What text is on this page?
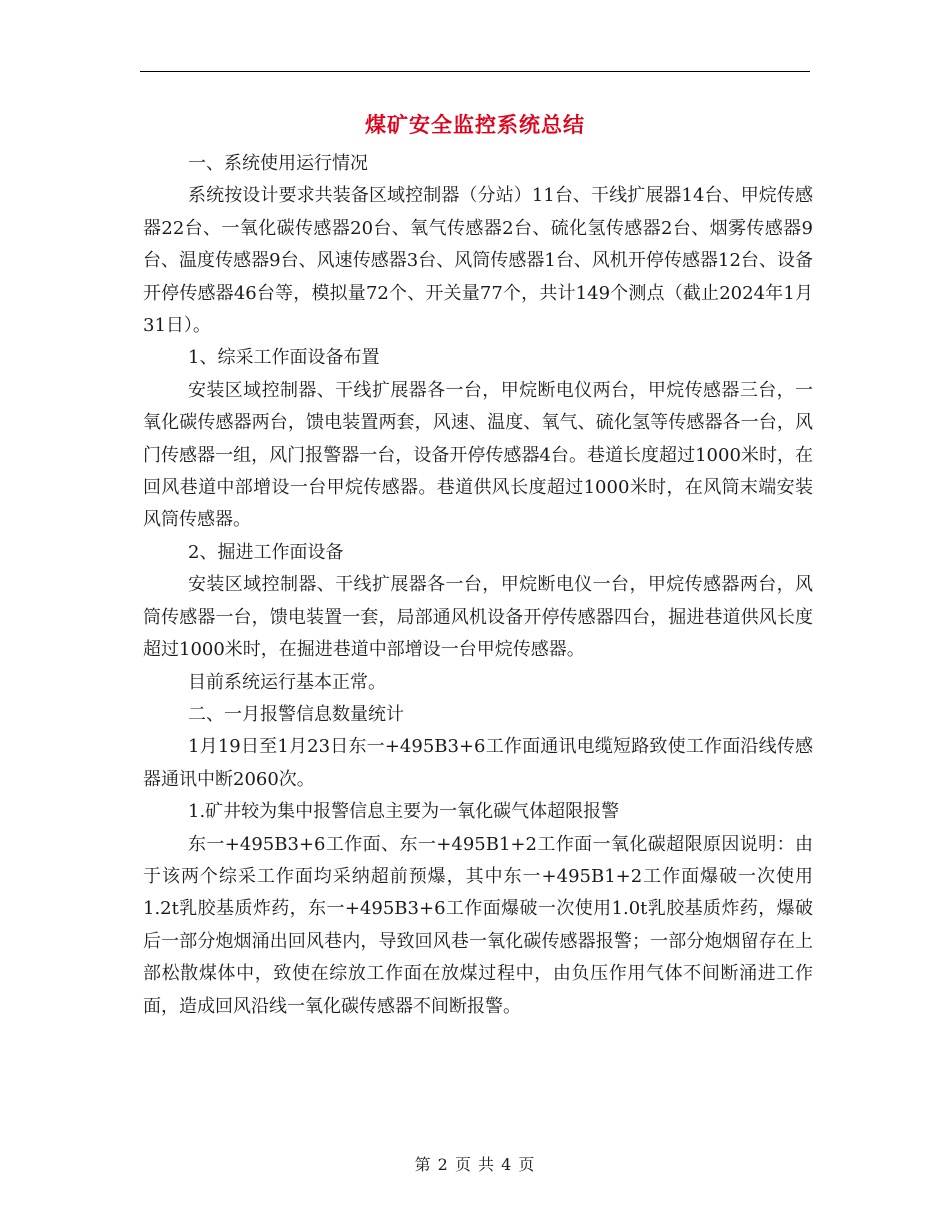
煤矿安全监控系统总结

一、系统使用运行情况

系统按设计要求共装备区域控制器（分站）11台、干线扩展器14台、甲烷传感器22台、一氧化碳传感器20台、氧气传感器2台、硫化氢传感器2台、烟雾传感器9台、温度传感器9台、风速传感器3台、风筒传感器1台、风机开停传感器12台、设备开停传感器46台等，模拟量72个、开关量77个，共计149个测点（截止2024年1月31日）。

1、综采工作面设备布置

安装区域控制器、干线扩展器各一台，甲烷断电仪两台，甲烷传感器三台，一氧化碳传感器两台，馈电装置两套，风速、温度、氧气、硫化氢等传感器各一台，风门传感器一组，风门报警器一台，设备开停传感器4台。巷道长度超过1000米时，在回风巷道中部增设一台甲烷传感器。巷道供风长度超过1000米时，在风筒末端安装风筒传感器。

2、掘进工作面设备

安装区域控制器、干线扩展器各一台，甲烷断电仪一台，甲烷传感器两台，风筒传感器一台，馈电装置一套，局部通风机设备开停传感器四台，掘进巷道供风长度超过1000米时，在掘进巷道中部增设一台甲烷传感器。

目前系统运行基本正常。

二、一月报警信息数量统计

1月19日至1月23日东一+495B3+6工作面通讯电缆短路致使工作面沿线传感器通讯中断2060次。

1.矿井较为集中报警信息主要为一氧化碳气体超限报警

东一+495B3+6工作面、东一+495B1+2工作面一氧化碳超限原因说明：由于该两个综采工作面均采纳超前预爆，其中东一+495B1+2工作面爆破一次使用1.2t乳胶基质炸药，东一+495B3+6工作面爆破一次使用1.0t乳胶基质炸药，爆破后一部分炮烟涌出回风巷内，导致回风巷一氧化碳传感器报警；一部分炮烟留存在上部松散煤体中，致使在综放工作面在放煤过程中，由负压作用气体不间断涌进工作面，造成回风沿线一氧化碳传感器不间断报警。

第 2 页 共 4 页
